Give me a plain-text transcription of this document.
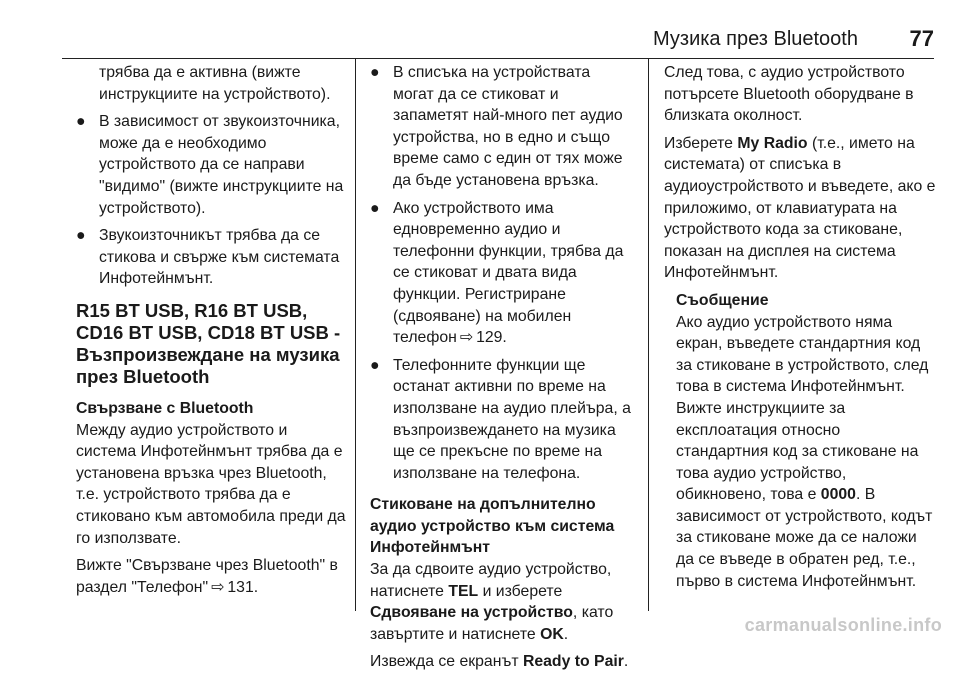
Музика през Bluetooth 77
трябва да е активна (вижте инструкциите на устройството).
● В зависимост от звукоизточника, може да е необходимо устройството да се направи "видимо" (вижте инструкциите на устройството).
● Звукоизточникът трябва да се стикова и свърже към системата Инфотейнмънт.
R15 BT USB, R16 BT USB, CD16 BT USB, CD18 BT USB - Възпроизвеждане на музика през Bluetooth
Свързване с Bluetooth

Между аудио устройството и система Инфотейнмънт трябва да е установена връзка чрез Bluetooth, т.е. устройството трябва да е стиковано към автомобила преди да го използвате.

Вижте "Свързване чрез Bluetooth" в раздел "Телефон" ⇨ 131.

● В списъка на устройствата могат да се стиковат и запаметят най-много пет аудио устройства, но в едно и също време само с един от тях може да бъде установена връзка.
● Ако устройството има едновременно аудио и телефонни функции, трябва да се стиковат и двата вида функции. Регистриране (сдвояване) на мобилен телефон ⇨ 129.
● Телефонните функции ще останат активни по време на използване на аудио плейъра, а възпроизвеждането на музика ще се прекъсне по време на използване на телефона.
Стиковане на допълнително аудио устройство към система Инфотейнмънт

За да сдвоите аудио устройство, натиснете TEL и изберете Сдвояване на устройство, като завъртите и натиснете OK.

Извежда се екранът Ready to Pair.

След това, с аудио устройството потърсете Bluetooth оборудване в близката околност.

Изберете My Radio (т.е., името на системата) от списъка в аудиоустройството и въведете, ако е приложимо, от клавиатурата на устройството кода за стиковане, показан на дисплея на система Инфотейнмънт.

Съобщение

Ако аудио устройството няма екран, въведете стандартния код за стиковане в устройството, след това в система Инфотейнмънт. Вижте инструкциите за експлоатация относно стандартния код за стиковане на това аудио устройство, обикновено, това е 0000. В зависимост от устройството, кодът за стиковане може да се наложи да се въведе в обратен ред, т.е., първо в система Инфотейнмънт.

carmanualsonline.info
